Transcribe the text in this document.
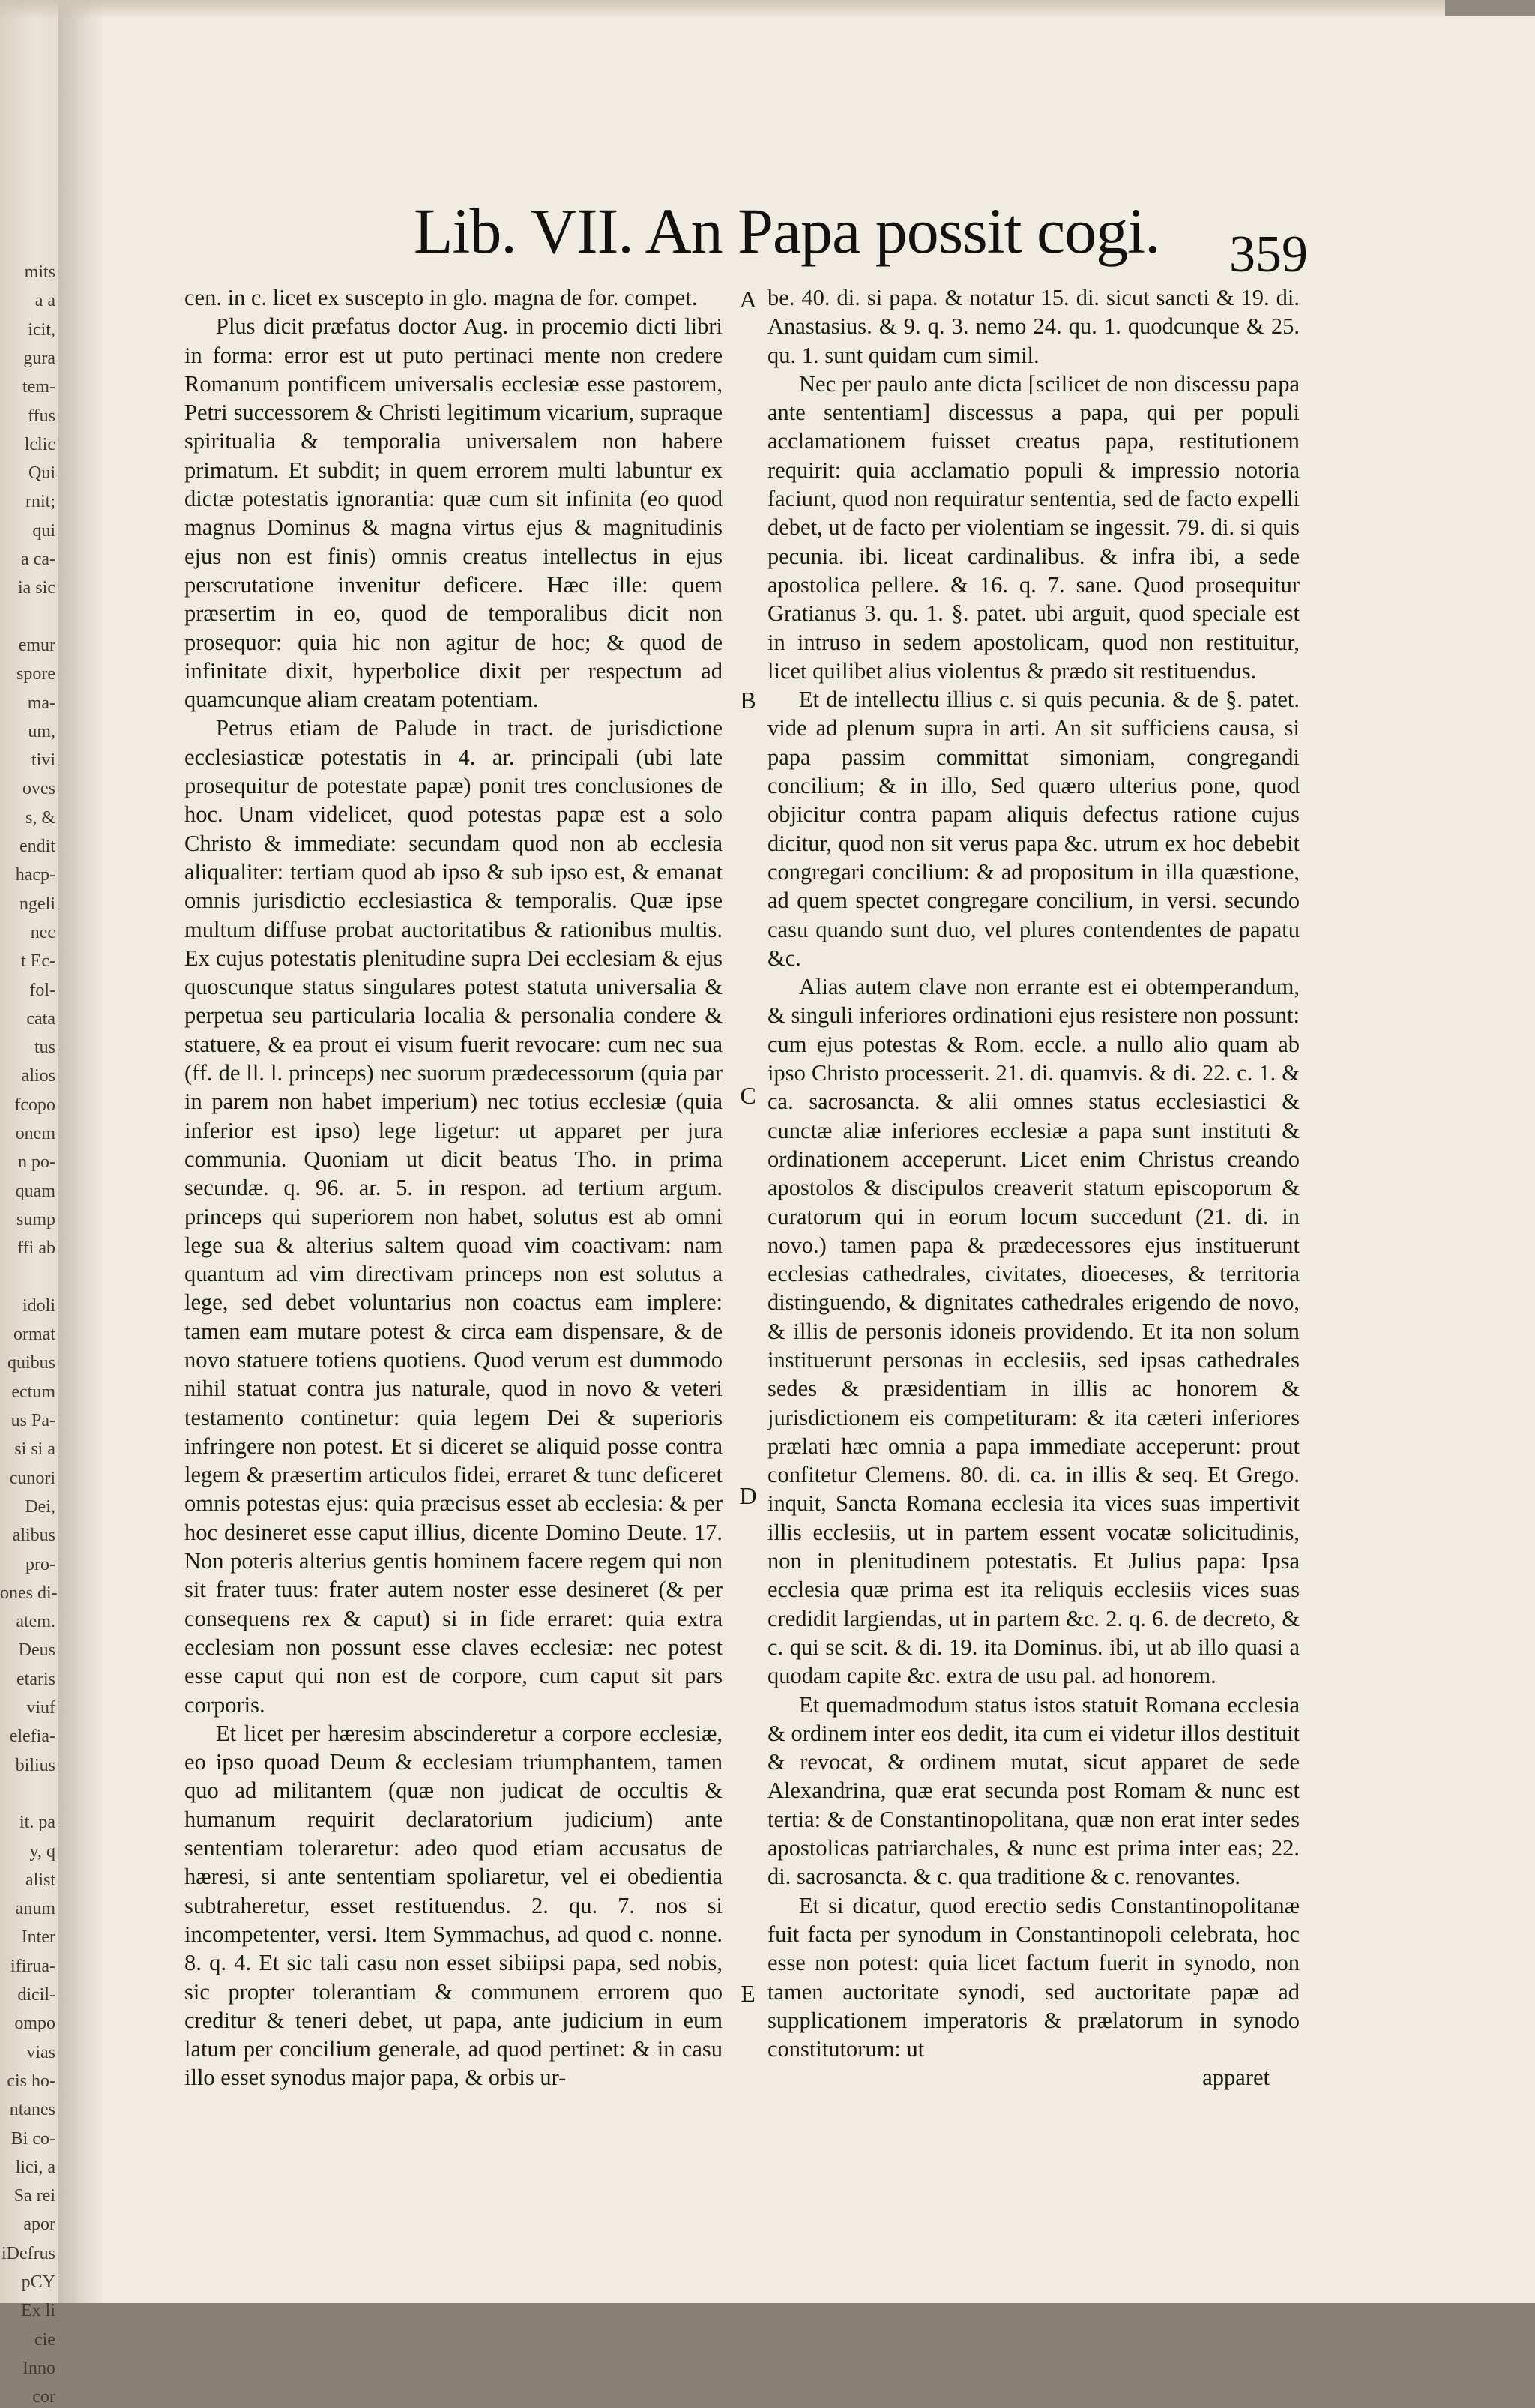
mits
a a
icit,
gura
tem-
ffus
lclic
Qui
rnit;
qui
a ca-
ia sic
emur
spore
ma-
um,
tivi
oves
s, &
endit
hacp-
ngeli
nec
t Ec-
fol-
cata
tus
alios
fcopo
onem
n po-
quam
sump
ffi ab
idoli
ormat
quibus
ectum
us Pa-
si si a
cunori
Dei,
alibus
pro-
ones di-
atem.
Deus
etaris
viuf
elefia-
bilius
it. pa
y, q
alist
anum
Inter
ifirua-
dicil-
ompo
vias
cis ho-
ntanes
Bi co-
lici, a
Sa rei
apor
iDefrus
pCY
Ex li
cie
Inno
cor
Lib. VII. An Papa possit cogi. 359

cen. in c. licet ex suscepto in glo. magna de for. compet.

Plus dicit præfatus doctor Aug. in procemio dicti libri in forma: error est ut puto pertinaci mente non credere Romanum pontificem universalis ecclesiæ esse pastorem, Petri successorem & Christi legitimum vicarium, supraque spiritualia & temporalia universalem non habere primatum. Et subdit; in quem errorem multi labuntur ex dictæ potestatis ignorantia: quæ cum sit infinita (eo quod magnus Dominus & magna virtus ejus & magnitudinis ejus non est finis) omnis creatus intellectus in ejus perscrutatione invenitur deficere. Hæc ille: quem præsertim in eo, quod de temporalibus dicit non prosequor: quia hic non agitur de hoc; & quod de infinitate dixit, hyperbolice dixit per respectum ad quamcunque aliam creatam potentiam.

Petrus etiam de Palude in tract. de jurisdictione ecclesiasticæ potestatis in 4. ar. principali (ubi late prosequitur de potestate papæ) ponit tres conclusiones de hoc. Unam videlicet, quod potestas papæ est a solo Christo & immediate: secundam quod non ab ecclesia aliqualiter: tertiam quod ab ipso & sub ipso est, & emanat omnis jurisdictio ecclesiastica & temporalis. Quæ ipse multum diffuse probat auctoritatibus & rationibus multis. Ex cujus potestatis plenitudine supra Dei ecclesiam & ejus quoscunque status singulares potest statuta universalia & perpetua seu particularia localia & personalia condere & statuere, & ea prout ei visum fuerit revocare: cum nec sua (ff. de ll. l. princeps) nec suorum prædecessorum (quia par in parem non habet imperium) nec totius ecclesiæ (quia inferior est ipso) lege ligetur: ut apparet per jura communia. Quoniam ut dicit beatus Tho. in prima secundæ. q. 96. ar. 5. in respon. ad tertium argum. princeps qui superiorem non habet, solutus est ab omni lege sua & alterius saltem quoad vim coactivam: nam quantum ad vim directivam princeps non est solutus a lege, sed debet voluntarius non coactus eam implere: tamen eam mutare potest & circa eam dispensare, & de novo statuere totiens quotiens. Quod verum est dummodo nihil statuat contra jus naturale, quod in novo & veteri testamento continetur: quia legem Dei & superioris infringere non potest. Et si diceret se aliquid posse contra legem & præsertim articulos fidei, erraret & tunc deficeret omnis potestas ejus: quia præcisus esset ab ecclesia: & per hoc desineret esse caput illius, dicente Domino Deute. 17. Non poteris alterius gentis hominem facere regem qui non sit frater tuus: frater autem noster esse desineret (& per consequens rex & caput) si in fide erraret: quia extra ecclesiam non possunt esse claves ecclesiæ: nec potest esse caput qui non est de corpore, cum caput sit pars corporis.

Et licet per hæresim abscinderetur a corpore ecclesiæ, eo ipso quoad Deum & ecclesiam triumphantem, tamen quo ad militantem (quæ non judicat de occultis & humanum requirit declaratorium judicium) ante sententiam toleraretur: adeo quod etiam accusatus de hæresi, si ante sententiam spoliaretur, vel ei obedientia subtraheretur, esset restituendus. 2. qu. 7. nos si incompetenter, versi. Item Symmachus, ad quod c. nonne. 8. q. 4. Et sic tali casu non esset sibiipsi papa, sed nobis, sic propter tolerantiam & communem errorem quo creditur & teneri debet, ut papa, ante judicium in eum latum per concilium generale, ad quod pertinet: & in casu illo esset synodus major papa, & orbis ur-

be. 40. di. si papa. & notatur 15. di. sicut sancti & 19. di. Anastasius. & 9. q. 3. nemo 24. qu. 1. quodcunque & 25. qu. 1. sunt quidam cum simil.

Nec per paulo ante dicta [scilicet de non discessu papa ante sententiam] discessus a papa, qui per populi acclamationem fuisset creatus papa, restitutionem requirit: quia acclamatio populi & impressio notoria faciunt, quod non requiratur sententia, sed de facto expelli debet, ut de facto per violentiam se ingessit. 79. di. si quis pecunia. ibi. liceat cardinalibus. & infra ibi, a sede apostolica pellere. & 16. q. 7. sane. Quod prosequitur Gratianus 3. qu. 1. §. patet. ubi arguit, quod speciale est in intruso in sedem apostolicam, quod non restituitur, licet quilibet alius violentus & prædo sit restituendus.

Et de intellectu illius c. si quis pecunia. & de §. patet. vide ad plenum supra in arti. An sit sufficiens causa, si papa passim committat simoniam, congregandi concilium; & in illo, Sed quæro ulterius pone, quod objicitur contra papam aliquis defectus ratione cujus dicitur, quod non sit verus papa &c. utrum ex hoc debebit congregari concilium: & ad propositum in illa quæstione, ad quem spectet congregare concilium, in versi. secundo casu quando sunt duo, vel plures contendentes de papatu &c.

Alias autem clave non errante est ei obtemperandum, & singuli inferiores ordinationi ejus resistere non possunt: cum ejus potestas & Rom. eccle. a nullo alio quam ab ipso Christo processerit. 21. di. quamvis. & di. 22. c. 1. & ca. sacrosancta. & alii omnes status ecclesiastici & cunctæ aliæ inferiores ecclesiæ a papa sunt instituti & ordinationem acceperunt. Licet enim Christus creando apostolos & discipulos creaverit statum episcoporum & curatorum qui in eorum locum succedunt (21. di. in novo.) tamen papa & prædecessores ejus instituerunt ecclesias cathedrales, civitates, dioeceses, & territoria distinguendo, & dignitates cathedrales erigendo de novo, & illis de personis idoneis providendo. Et ita non solum instituerunt personas in ecclesiis, sed ipsas cathedrales sedes & præsidentiam in illis ac honorem & jurisdictionem eis competituram: & ita cæteri inferiores prælati hæc omnia a papa immediate acceperunt: prout confitetur Clemens. 80. di. ca. in illis & seq. Et Grego. inquit, Sancta Romana ecclesia ita vices suas impertivit illis ecclesiis, ut in partem essent vocatæ solicitudinis, non in plenitudinem potestatis. Et Julius papa: Ipsa ecclesia quæ prima est ita reliquis ecclesiis vices suas credidit largiendas, ut in partem &c. 2. q. 6. de decreto, & c. qui se scit. & di. 19. ita Dominus. ibi, ut ab illo quasi a quodam capite &c. extra de usu pal. ad honorem.

Et quemadmodum status istos statuit Romana ecclesia & ordinem inter eos dedit, ita cum ei videtur illos destituit & revocat, & ordinem mutat, sicut apparet de sede Alexandrina, quæ erat secunda post Romam & nunc est tertia: & de Constantinopolitana, quæ non erat inter sedes apostolicas patriarchales, & nunc est prima inter eas; 22. di. sacrosancta. & c. qua traditione & c. renovantes.

Et si dicatur, quod erectio sedis Constantinopolitanæ fuit facta per synodum in Constantinopoli celebrata, hoc esse non potest: quia licet factum fuerit in synodo, non tamen auctoritate synodi, sed auctoritate papæ ad supplicationem imperatoris & prælatorum in synodo constitutorum: ut

apparet

A
B
C
D
E
